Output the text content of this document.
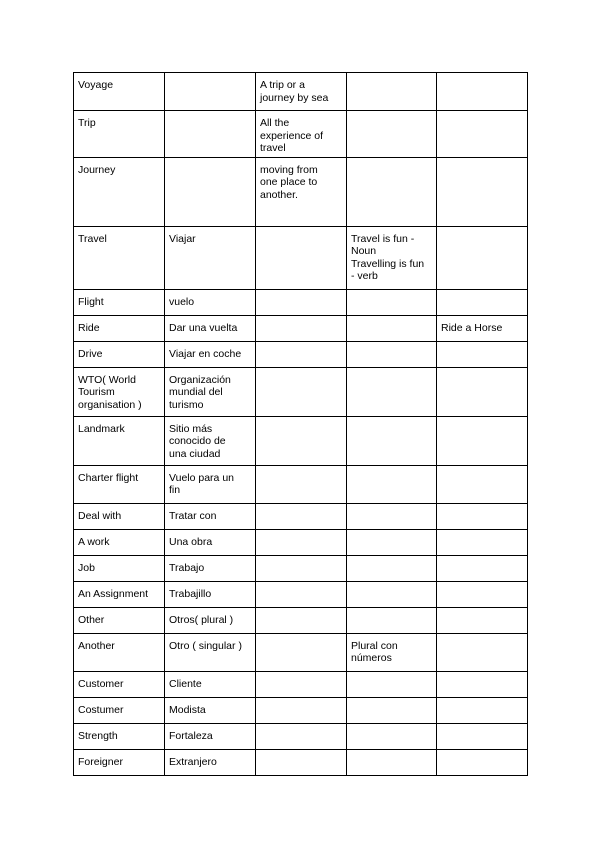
Voyage		A trip or a
journey by sea		
Trip		All the
experience of
travel		
Journey		moving from
one place to
another.		
Travel	Viajar		Travel is fun -
Noun
Travelling is fun
- verb	
Flight	vuelo			
Ride	Dar una vuelta			Ride a Horse
Drive	Viajar en coche			
WTO( World
Tourism
organisation )	Organización
mundial del
turismo			
Landmark	Sitio más
conocido de
una ciudad			
Charter flight	Vuelo para un
fin			
Deal with	Tratar con			
A work	Una obra			
Job	Trabajo			
An Assignment	Trabajillo			
Other	Otros( plural )			
Another	Otro ( singular )		Plural con
números	
Customer	Cliente			
Costumer	Modista			
Strength	Fortaleza			
Foreigner	Extranjero			
